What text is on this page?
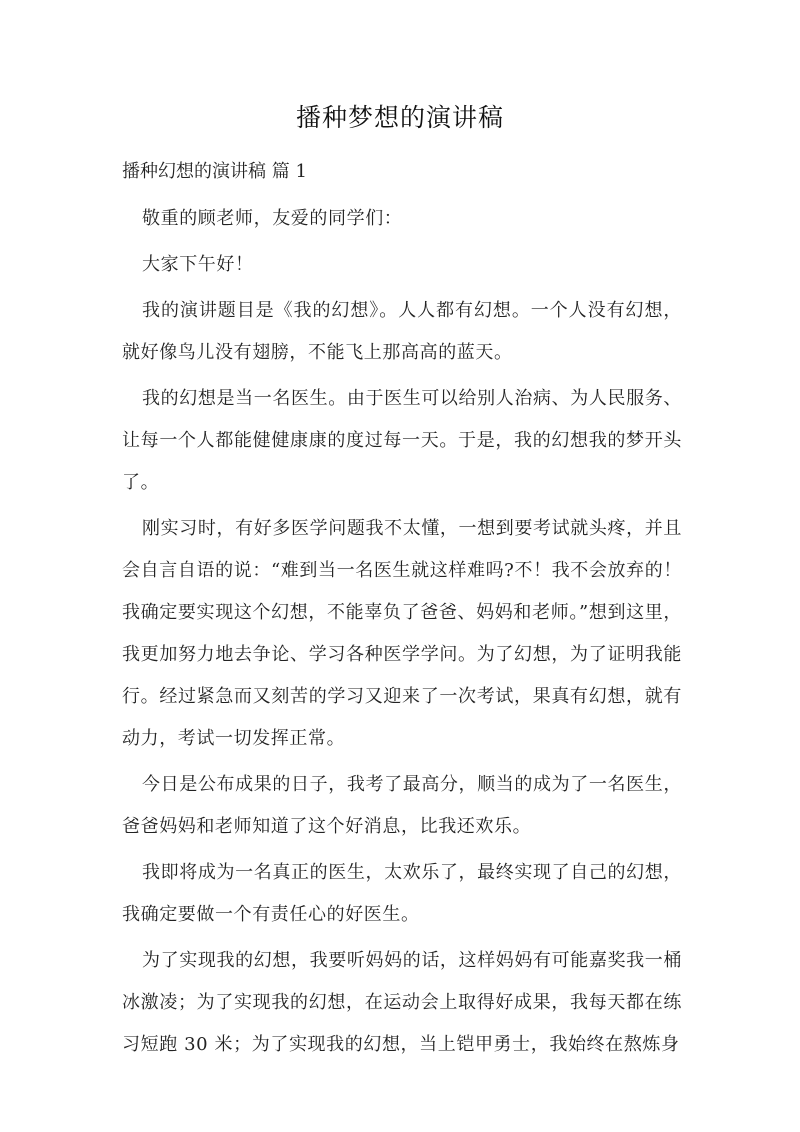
播种梦想的演讲稿
播种幻想的演讲稿 篇 1

敬重的顾老师，友爱的同学们：

大家下午好！

我的演讲题目是《我的幻想》。人人都有幻想。一个人没有幻想，就好像鸟儿没有翅膀，不能飞上那高高的蓝天。

我的幻想是当一名医生。由于医生可以给别人治病、为人民服务、让每一个人都能健健康康的度过每一天。于是，我的幻想我的梦开头了。

刚实习时，有好多医学问题我不太懂，一想到要考试就头疼，并且会自言自语的说：“难到当一名医生就这样难吗?不！我不会放弃的！我确定要实现这个幻想，不能辜负了爸爸、妈妈和老师。”想到这里，我更加努力地去争论、学习各种医学学问。为了幻想，为了证明我能行。经过紧急而又刻苦的学习又迎来了一次考试，果真有幻想，就有动力，考试一切发挥正常。

今日是公布成果的日子，我考了最高分，顺当的成为了一名医生，爸爸妈妈和老师知道了这个好消息，比我还欢乐。

我即将成为一名真正的医生，太欢乐了，最终实现了自己的幻想，我确定要做一个有责任心的好医生。

为了实现我的幻想，我要听妈妈的话，这样妈妈有可能嘉奖我一桶冰激凌；为了实现我的幻想，在运动会上取得好成果，我每天都在练习短跑 30 米；为了实现我的幻想，当上铠甲勇士，我始终在熬炼身
